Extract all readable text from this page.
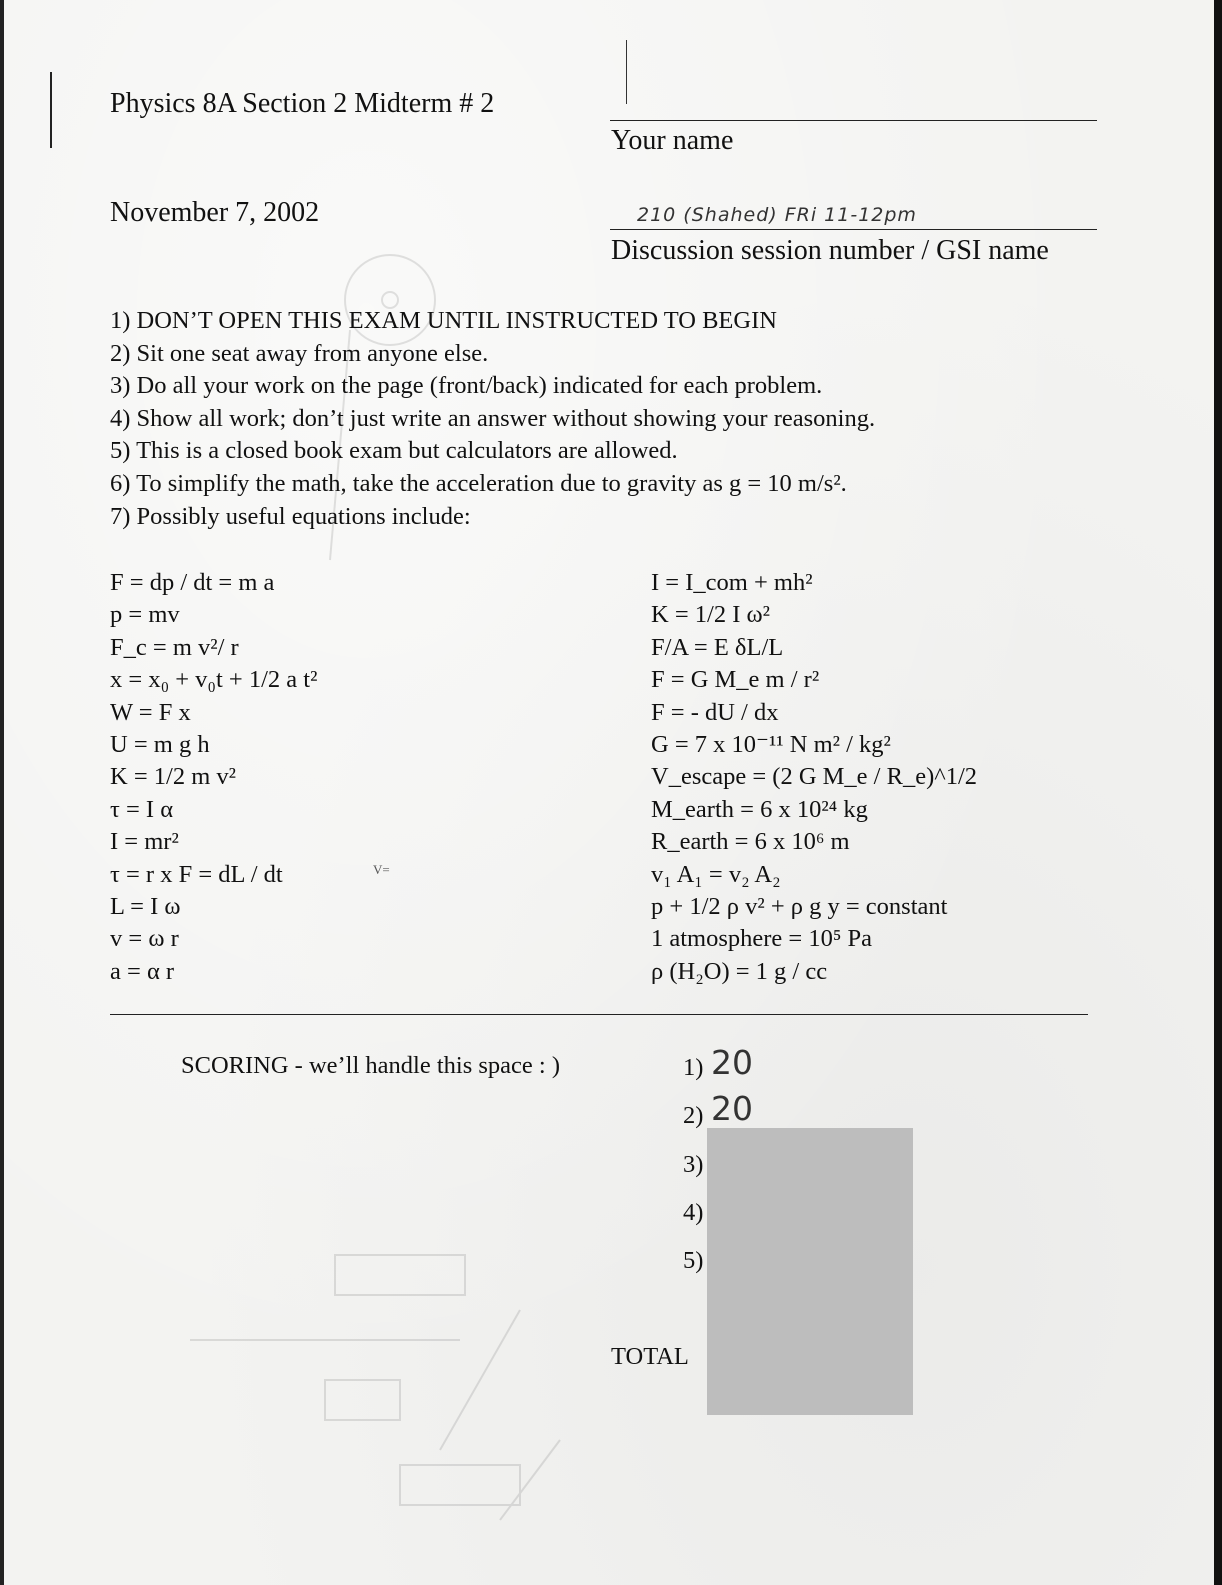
Physics 8A Section 2 Midterm # 2
November 7, 2002
Your name
210 (Shahed) FRi 11-12pm
Discussion session number / GSI name
1) DON’T OPEN THIS EXAM UNTIL INSTRUCTED TO BEGIN
2) Sit one seat away from anyone else.
3) Do all your work on the page (front/back) indicated for each problem.
4) Show all work; don’t just write an answer without showing your reasoning.
5) This is a closed book exam but calculators are allowed.
6) To simplify the math, take the acceleration due to gravity as g = 10 m/s².
7) Possibly useful equations include:
F = dp / dt = m a
p = mv
F_c = m v²/ r
x = x₀ + v₀t + 1/2 a t²
W = F x
U = m g h
K = 1/2 m v²
τ = I α
I = mr²
τ = r x F = dL / dt
L = I ω
v = ω r
a = α r
V=
I = I_com + mh²
K = 1/2 I ω²
F/A = E δL/L
F = G M_e m / r²
F = - dU / dx
G = 7 x 10⁻¹¹ N m² / kg²
V_escape = (2 G M_e / R_e)^1/2
M_earth = 6 x 10²⁴ kg
R_earth = 6 x 10⁶ m
v₁ A₁ = v₂ A₂
p + 1/2 ρ v² + ρ g y = constant
1 atmosphere = 10⁵ Pa
ρ (H₂O) = 1 g / cc
SCORING - we’ll handle this space : )	1) 20
2) 20
3)
4)
5)
TOTAL
